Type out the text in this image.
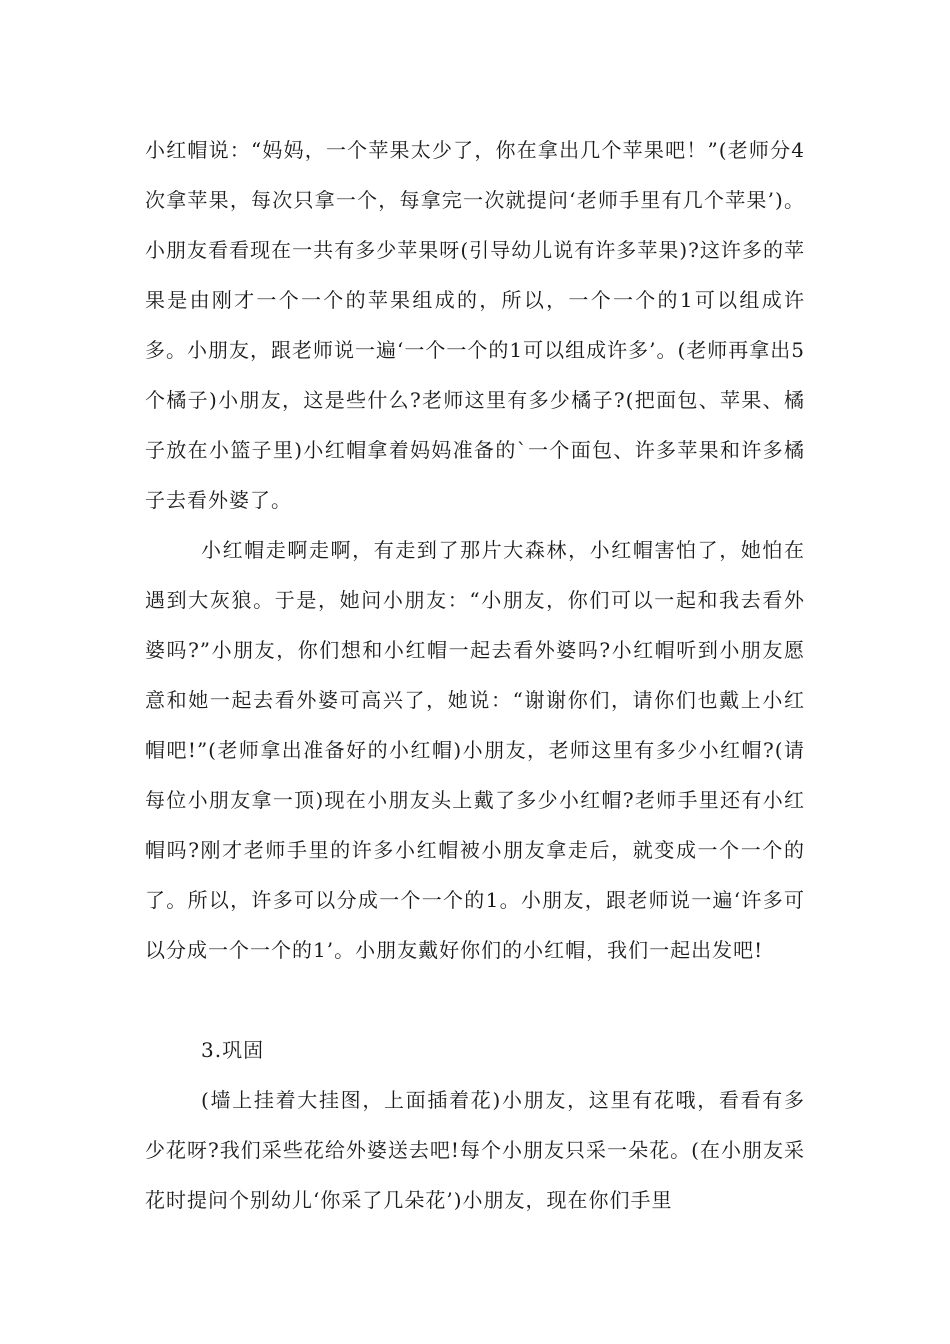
小红帽说：“妈妈，一个苹果太少了，你在拿出几个苹果吧！”(老师分4次拿苹果，每次只拿一个，每拿完一次就提问‘老师手里有几个苹果’)。小朋友看看现在一共有多少苹果呀(引导幼儿说有许多苹果)?这许多的苹果是由刚才一个一个的苹果组成的，所以，一个一个的1可以组成许多。小朋友，跟老师说一遍‘一个一个的1可以组成许多’。(老师再拿出5个橘子)小朋友，这是些什么?老师这里有多少橘子?(把面包、苹果、橘子放在小篮子里)小红帽拿着妈妈准备的`一个面包、许多苹果和许多橘子去看外婆了。

小红帽走啊走啊，有走到了那片大森林，小红帽害怕了，她怕在遇到大灰狼。于是，她问小朋友：“小朋友，你们可以一起和我去看外婆吗?”小朋友，你们想和小红帽一起去看外婆吗?小红帽听到小朋友愿意和她一起去看外婆可高兴了，她说：“谢谢你们，请你们也戴上小红帽吧!”(老师拿出准备好的小红帽)小朋友，老师这里有多少小红帽?(请每位小朋友拿一顶)现在小朋友头上戴了多少小红帽?老师手里还有小红帽吗?刚才老师手里的许多小红帽被小朋友拿走后，就变成一个一个的了。所以，许多可以分成一个一个的1。小朋友，跟老师说一遍‘许多可以分成一个一个的1’。小朋友戴好你们的小红帽，我们一起出发吧!

3.巩固

(墙上挂着大挂图，上面插着花)小朋友，这里有花哦，看看有多少花呀?我们采些花给外婆送去吧!每个小朋友只采一朵花。(在小朋友采花时提问个别幼儿‘你采了几朵花’)小朋友，现在你们手里
